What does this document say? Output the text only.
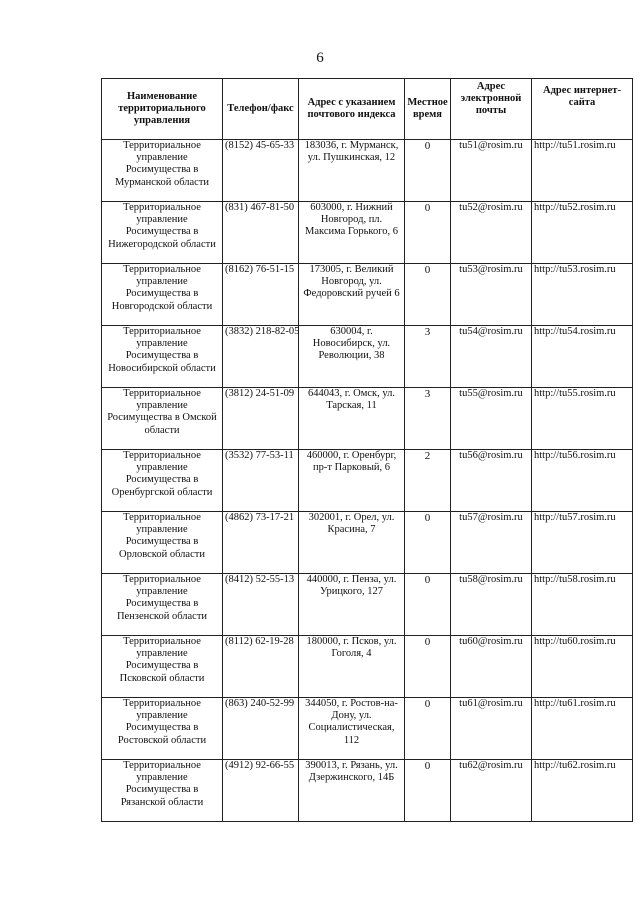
6
Наименование территориального управления	Телефон/факс	Адрес с указанием почтового индекса	Местное время	Адрес электронной почты	Адрес интернет-сайта
Территориальное управление Росимущества в Мурманской области	(8152) 45-65-33	183036, г. Мурманск, ул. Пушкинская, 12	0	tu51@rosim.ru	http://tu51.rosim.ru
Территориальное управление Росимущества в Нижегородской области	(831) 467-81-50	603000, г. Нижний Новгород, пл. Максима Горького, 6	0	tu52@rosim.ru	http://tu52.rosim.ru
Территориальное управление Росимущества в Новгородской области	(8162) 76-51-15	173005, г. Великий Новгород, ул. Федоровский ручей 6	0	tu53@rosim.ru	http://tu53.rosim.ru
Территориальное управление Росимущества в Новосибирской области	(3832) 218-82-05	630004, г. Новосибирск, ул. Революции, 38	3	tu54@rosim.ru	http://tu54.rosim.ru
Территориальное управление Росимущества в Омской области	(3812) 24-51-09	644043, г. Омск, ул. Тарская, 11	3	tu55@rosim.ru	http://tu55.rosim.ru
Территориальное управление Росимущества в Оренбургской области	(3532) 77-53-11	460000, г. Оренбург, пр-т Парковый, 6	2	tu56@rosim.ru	http://tu56.rosim.ru
Территориальное управление Росимущества в Орловской области	(4862) 73-17-21	302001, г. Орел, ул. Красина, 7	0	tu57@rosim.ru	http://tu57.rosim.ru
Территориальное управление Росимущества в Пензенской области	(8412) 52-55-13	440000, г. Пенза, ул. Урицкого, 127	0	tu58@rosim.ru	http://tu58.rosim.ru
Территориальное управление Росимущества в Псковской области	(8112) 62-19-28	180000, г. Псков, ул. Гоголя, 4	0	tu60@rosim.ru	http://tu60.rosim.ru
Территориальное управление Росимущества в Ростовской области	(863) 240-52-99	344050, г. Ростов-на-Дону, ул. Социалистическая, 112	0	tu61@rosim.ru	http://tu61.rosim.ru
Территориальное управление Росимущества в Рязанской области	(4912) 92-66-55	390013, г. Рязань, ул. Дзержинского, 14Б	0	tu62@rosim.ru	http://tu62.rosim.ru
